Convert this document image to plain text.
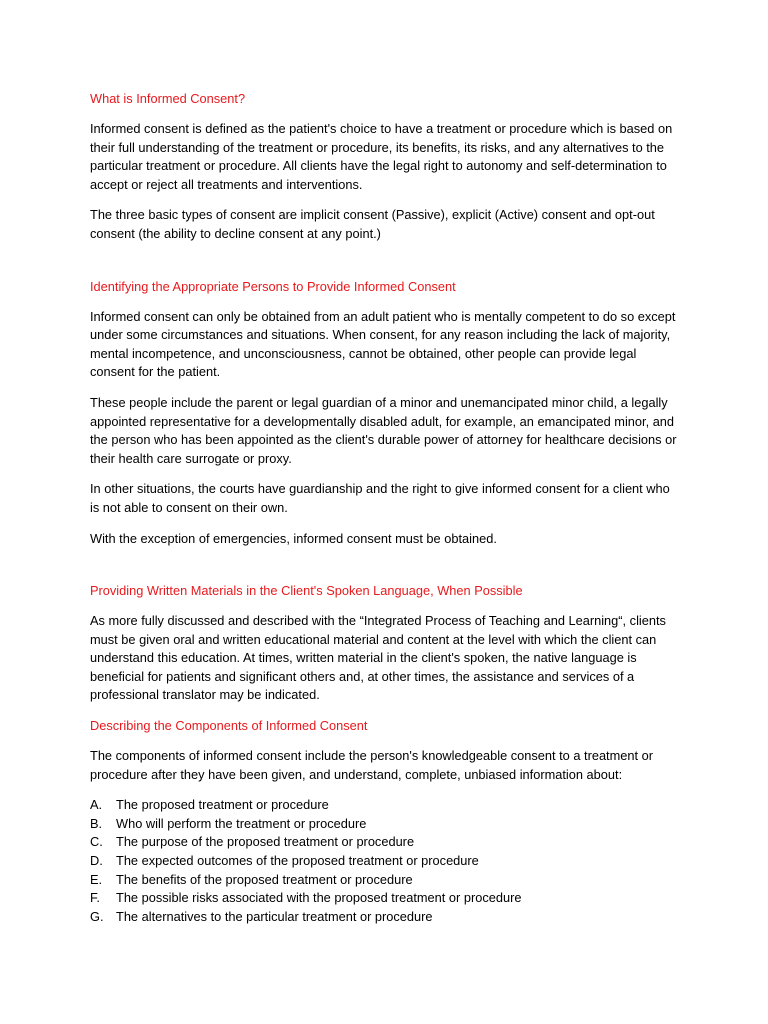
What is Informed Consent?

Informed consent is defined as the patient's choice to have a treatment or procedure which is based on their full understanding of the treatment or procedure, its benefits, its risks, and any alternatives to the particular treatment or procedure. All clients have the legal right to autonomy and self-determination to accept or reject all treatments and interventions.

The three basic types of consent are implicit consent (Passive), explicit (Active) consent and opt-out consent (the ability to decline consent at any point.)

Identifying the Appropriate Persons to Provide Informed Consent

Informed consent can only be obtained from an adult patient who is mentally competent to do so except under some circumstances and situations. When consent, for any reason including the lack of majority, mental incompetence, and unconsciousness, cannot be obtained, other people can provide legal consent for the patient.

These people include the parent or legal guardian of a minor and unemancipated minor child, a legally appointed representative for a developmentally disabled adult, for example, an emancipated minor, and the person who has been appointed as the client's durable power of attorney for healthcare decisions or their health care surrogate or proxy.

In other situations, the courts have guardianship and the right to give informed consent for a client who is not able to consent on their own.

With the exception of emergencies, informed consent must be obtained.

Providing Written Materials in the Client's Spoken Language, When Possible

As more fully discussed and described with the “Integrated Process of Teaching and Learning“, clients must be given oral and written educational material and content at the level with which the client can understand this education. At times, written material in the client's spoken, the native language is beneficial for patients and significant others and, at other times, the assistance and services of a professional translator may be indicated.

Describing the Components of Informed Consent

The components of informed consent include the person's knowledgeable consent to a treatment or procedure after they have been given, and understand, complete, unbiased information about:

A.	The proposed treatment or procedure
B.	Who will perform the treatment or procedure
C.	The purpose of the proposed treatment or procedure
D.	The expected outcomes of the proposed treatment or procedure
E.	The benefits of the proposed treatment or procedure
F.	The possible risks associated with the proposed treatment or procedure
G. The alternatives to the particular treatment or procedure
